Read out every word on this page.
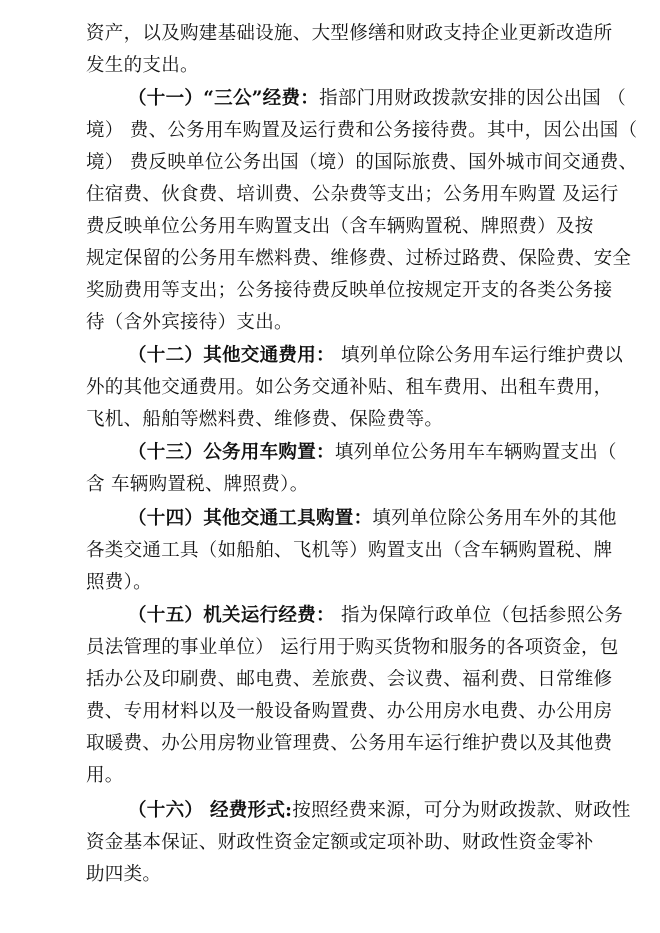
资产，以及购建基础设施、大型修缮和财政支持企业更新改造所
发生的支出。
（十一）“三公”经费：指部门用财政拨款安排的因公出国 （
境） 费、公务用车购置及运行费和公务接待费。其中，因公出国（
境） 费反映单位公务出国（境）的国际旅费、国外城市间交通费、
住宿费、伙食费、培训费、公杂费等支出；公务用车购置 及运行
费反映单位公务用车购置支出（含车辆购置税、牌照费）及按
规定保留的公务用车燃料费、维修费、过桥过路费、保险费、安全
奖励费用等支出；公务接待费反映单位按规定开支的各类公务接
待（含外宾接待）支出。
（十二）其他交通费用： 填列单位除公务用车运行维护费以
外的其他交通费用。如公务交通补贴、租车费用、出租车费用，
飞机、船舶等燃料费、维修费、保险费等。
（十三）公务用车购置：填列单位公务用车车辆购置支出（
含 车辆购置税、牌照费）。
（十四）其他交通工具购置：填列单位除公务用车外的其他
各类交通工具（如船舶、飞机等）购置支出（含车辆购置税、牌
照费）。
（十五）机关运行经费： 指为保障行政单位（包括参照公务
员法管理的事业单位） 运行用于购买货物和服务的各项资金，包
括办公及印刷费、邮电费、差旅费、会议费、福利费、日常维修
费、专用材料以及一般设备购置费、办公用房水电费、办公用房
取暖费、办公用房物业管理费、公务用车运行维护费以及其他费
用。
（十六） 经费形式:按照经费来源，可分为财政拨款、财政性
资金基本保证、财政性资金定额或定项补助、财政性资金零补
助四类。
